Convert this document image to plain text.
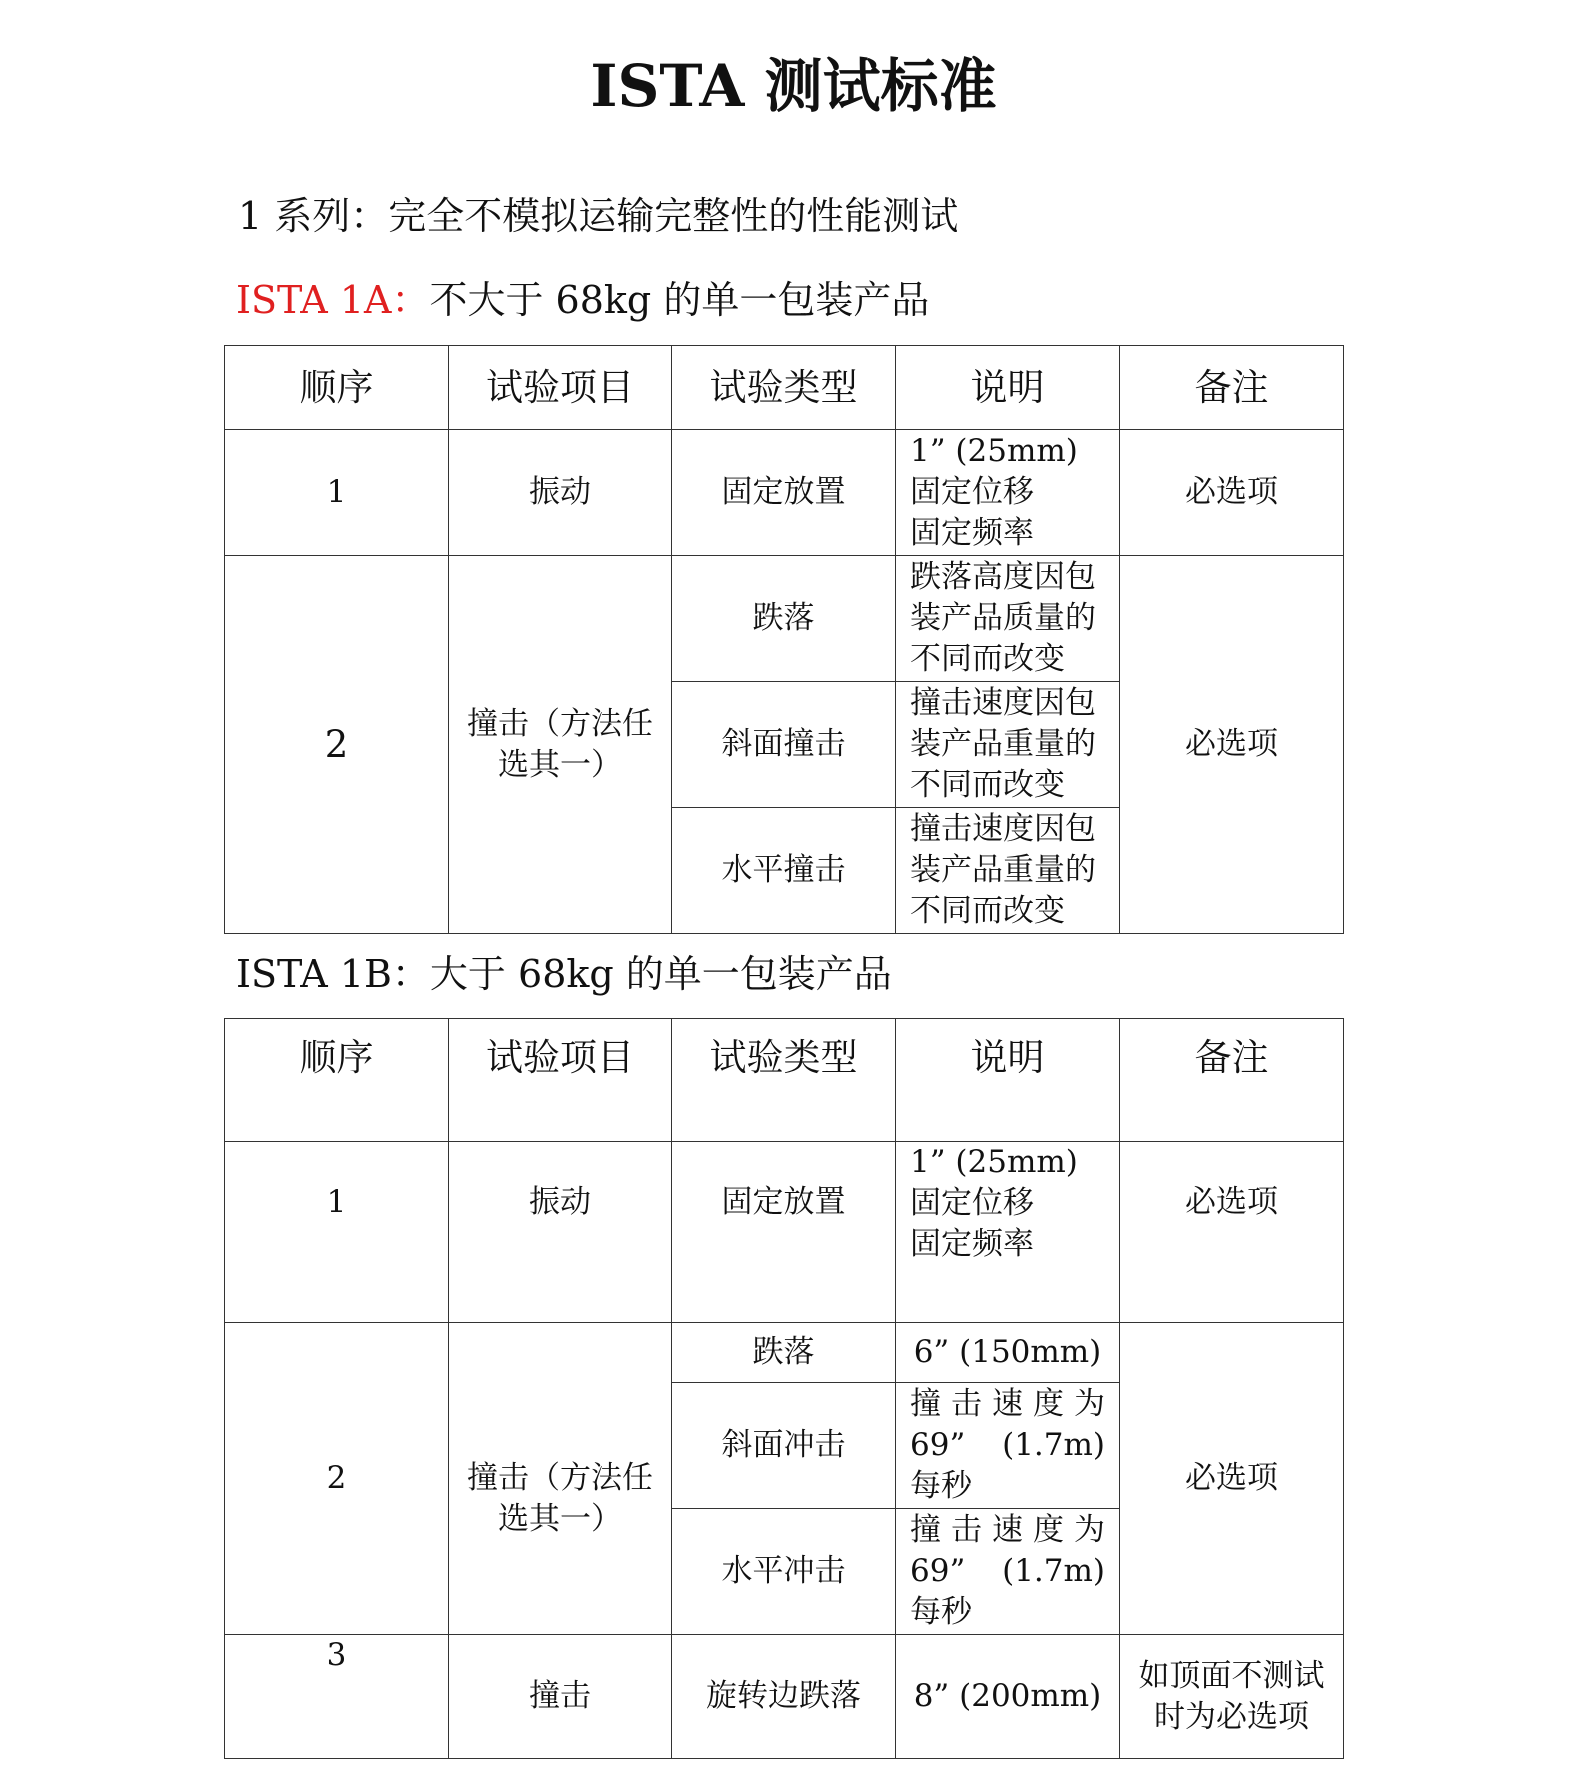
ISTA 测试标准
1 系列：完全不模拟运输完整性的性能测试
ISTA 1A：不大于 68kg 的单一包装产品
顺序	试验项目	试验类型	说明	备注
1	振动	固定放置	1” (25mm)
固定位移
固定频率	必选项
2	撞击（方法任
选其一）	跌落	跌落高度因包
装产品质量的
不同而改变	必选项
		斜面撞击	撞击速度因包
装产品重量的
不同而改变	

		水平撞击	撞击速度因包
装产品重量的
不同而改变	
ISTA 1B：大于 68kg 的单一包装产品
顺序	试验项目	试验类型	说明	备注
1	振动	固定放置	1” (25mm)
固定位移
固定频率	必选项
2	撞击（方法任
选其一）	跌落	6” (150mm)	必选项
		斜面冲击	撞 击 速 度 为 69” (1.7m) 每秒	
		水平冲击	撞 击 速 度 为 69” (1.7m) 每秒	
3	撞击	旋转边跌落	8” (200mm)	如顶面不测试
时为必选项
